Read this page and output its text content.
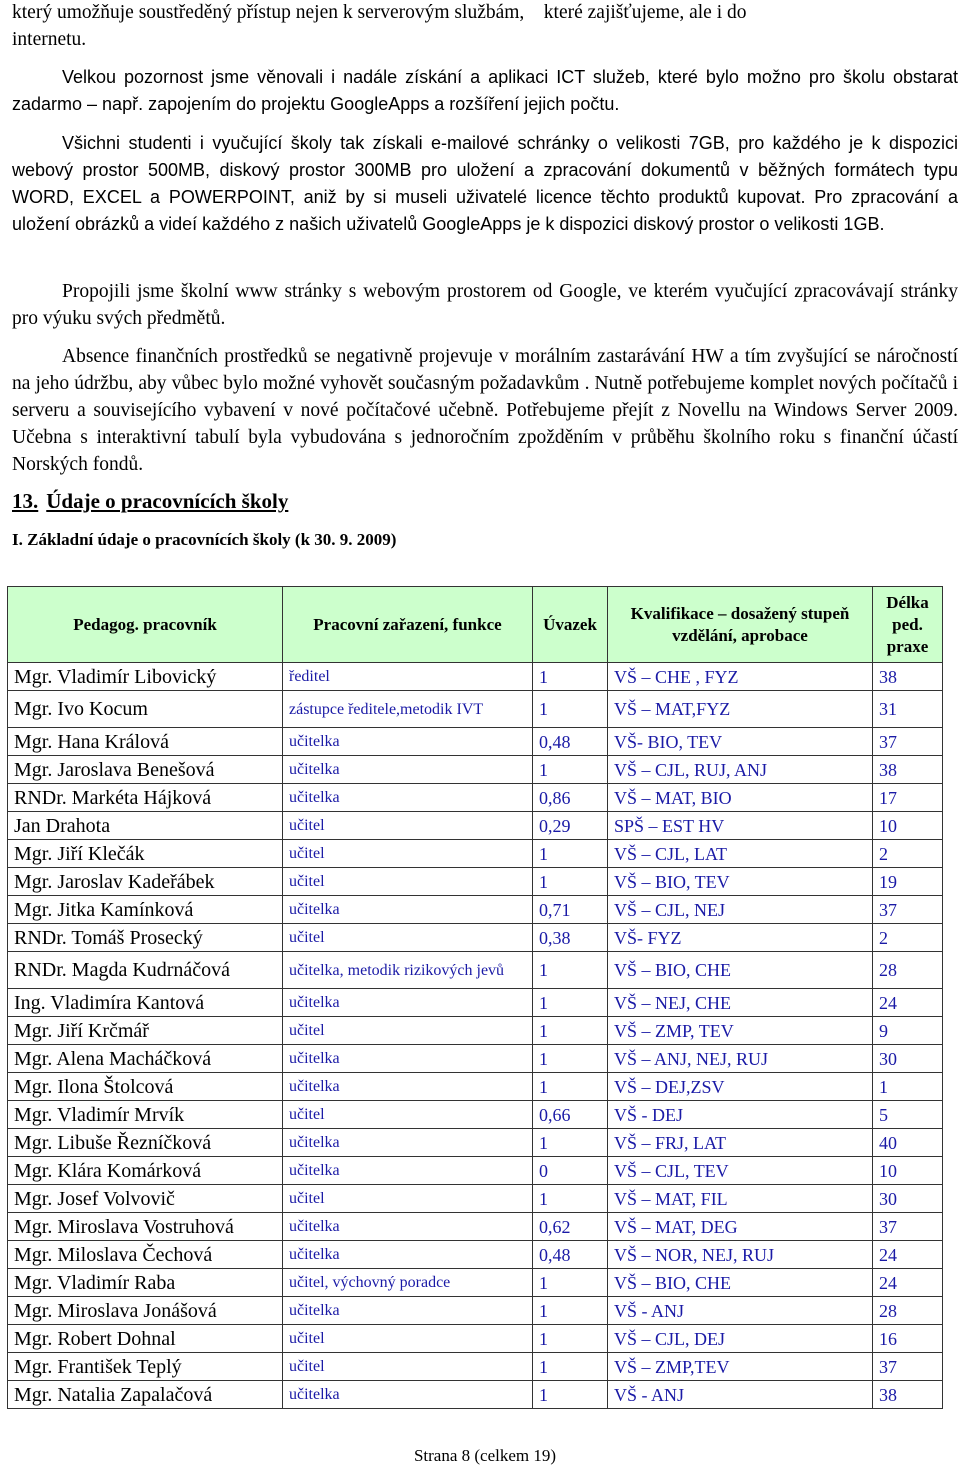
který umožňuje soustředěný přístup nejen k serverovým službám, které zajišťujeme, ale i do
internetu.

Velkou pozornost jsme věnovali i nadále získání a aplikaci ICT služeb, které bylo možno pro školu obstarat zadarmo – např. zapojením do projektu GoogleApps a rozšíření jejich počtu.

Všichni studenti i vyučující školy tak získali e-mailové schránky o velikosti 7GB, pro každého je k dispozici webový prostor 500MB, diskový prostor 300MB pro uložení a zpracování dokumentů v běžných formátech typu WORD, EXCEL a POWERPOINT, aniž by si museli uživatelé licence těchto produktů kupovat. Pro zpracování a uložení obrázků a videí každého z našich uživatelů GoogleApps je k dispozici diskový prostor o velikosti 1GB.

Propojili jsme školní www stránky s webovým prostorem od Google, ve kterém vyučující zpracovávají stránky pro výuku svých předmětů.

Absence finančních prostředků se negativně projevuje v morálním zastarávání HW a tím zvyšující se náročností na jeho údržbu, aby vůbec bylo možné vyhovět současným požadavkům . Nutně potřebujeme komplet nových počítačů i serveru a souvisejícího vybavení v nové počítačové učebně. Potřebujeme přejít z Novellu na Windows Server 2009. Učebna s interaktivní tabulí byla vybudována s jednoročním zpožděním v průběhu školního roku s finanční účastí Norských fondů.

13. Údaje o pracovnících školy
I. Základní údaje o pracovnících školy (k 30. 9. 2009)
Pedagog. pracovník	Pracovní zařazení, funkce	Úvazek	Kvalifikace – dosažený stupeň vzdělání, aprobace	Délka ped. praxe
Mgr. Vladimír Libovický	ředitel	1	VŠ – CHE , FYZ	38
Mgr. Ivo Kocum	zástupce ředitele,metodik IVT	1	VŠ – MAT,FYZ	31
Mgr. Hana Králová	učitelka	0,48	VŠ- BIO, TEV	37
Mgr. Jaroslava Benešová	učitelka	1	VŠ – CJL, RUJ, ANJ	38
RNDr. Markéta Hájková	učitelka	0,86	VŠ – MAT, BIO	17
Jan Drahota	učitel	0,29	SPŠ – EST HV	10
Mgr. Jiří Klečák	učitel	1	VŠ – CJL, LAT	2
Mgr. Jaroslav Kadeřábek	učitel	1	VŠ – BIO, TEV	19
Mgr. Jitka Kamínková	učitelka	0,71	VŠ – CJL, NEJ	37
RNDr. Tomáš Prosecký	učitel	0,38	VŠ- FYZ	2
RNDr. Magda Kudrnáčová	učitelka, metodik rizikových jevů	1	VŠ – BIO, CHE	28
Ing. Vladimíra Kantová	učitelka	1	VŠ – NEJ, CHE	24
Mgr. Jiří Krčmář	učitel	1	VŠ – ZMP, TEV	9
Mgr. Alena Macháčková	učitelka	1	VŠ – ANJ, NEJ, RUJ	30
Mgr. Ilona Štolcová	učitelka	1	VŠ – DEJ,ZSV	1
Mgr. Vladimír Mrvík	učitel	0,66	VŠ - DEJ	5
Mgr. Libuše Řezníčková	učitelka	1	VŠ – FRJ, LAT	40
Mgr. Klára Komárková	učitelka	0	VŠ – CJL, TEV	10
Mgr. Josef Volvovič	učitel	1	VŠ – MAT, FIL	30
Mgr. Miroslava Vostruhová	učitelka	0,62	VŠ – MAT, DEG	37
Mgr. Miloslava Čechová	učitelka	0,48	VŠ – NOR, NEJ, RUJ	24
Mgr. Vladimír Raba	učitel, výchovný poradce	1	VŠ – BIO, CHE	24
Mgr. Miroslava Jonášová	učitelka	1	VŠ - ANJ	28
Mgr. Robert Dohnal	učitel	1	VŠ – CJL, DEJ	16
Mgr. František Teplý	učitel	1	VŠ – ZMP,TEV	37
Mgr. Natalia Zapalačová	učitelka	1	VŠ - ANJ	38

Strana 8 (celkem 19)
